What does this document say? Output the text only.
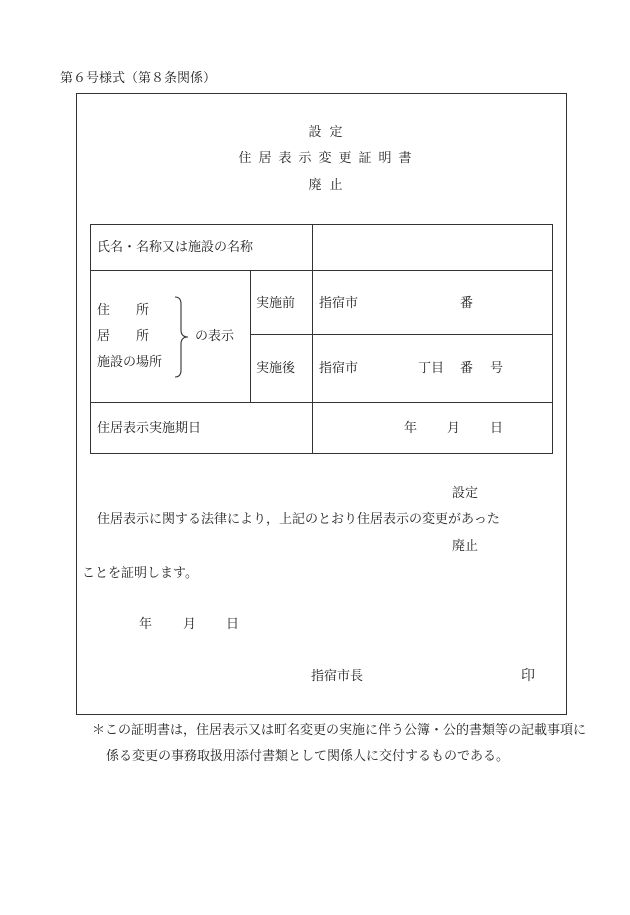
第６号様式（第８条関係）
設定
住居表示変更証明書
廃止
氏名・名称又は施設の名称
住　　所
居　　所
施設の場所
の表示
実施前 指宿市	番
実施後 指宿市	丁目 番 号
住居表示実施期日	年 月 日
設定
住居表示に関する法律により，上記のとおり住居表示の変更があった
廃止
ことを証明します。
年 月 日
指宿市長	印
＊この証明書は，住居表示又は町名変更の実施に伴う公簿・公的書類等の記載事項に
係る変更の事務取扱用添付書類として関係人に交付するものである。
